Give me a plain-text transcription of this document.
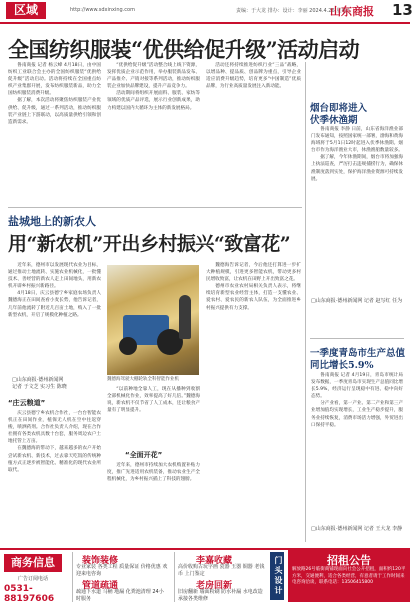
区域	http://www.sdxinxing.com	责编：于大龙 排办：设计：李丽 2024.4.26 星期五
山东商报 13
全国纺织服装“优供给促升级”活动启动

鲁南商报 记者 杨云峰 4月18日，由中国纺织工业联合会主办的全国纺织服装“优供给促升级”活动启动。活动将持续在全国重点纺织产业集群开展，发布纺织服装新品，助力全国纺织服装消费升级。

据了解，本次活动将聚焦纺织服装产业优供给、促升级，通过一系列活动，推动纺织服装产业链上下游联动，以高质量供给引领和创造新需求。

“优供给促升级”活动整合线上线下资源，发挥优质企业示范作用，举办服装新品发布、产品推介、产销对接等系列活动，推动纺织服装企业加快品牌建设，提升产品竞争力。

活动期间将组织开展面料、服装、家纺等领域的优质产品评选，展示行业创新成果，助力构建以国内大循环为主体的新发展格局。

活动还将持续推进纺织行业“三品”战略，以增品种、提品质、创品牌为重点，引导企业适应消费升级趋势，培育更多“中国制造”优质品牌，为行业高质量发展注入新动能。

盐城地上的新农人
用“新农机”开出乡村振兴“致富花”

近年来，德州市以发展现代农业为目标，通过推动土地流转、实施农业机械化，一批懂技术、善经营的新农人走上田间地头，用新农机开辟乡村振兴新路径。

4月18日，庆云县德宁乡家庭农场负责人魏德海正在田间查看小麦长势，他告诉记者，几年前他流转了附近几百亩土地，购入了一批新型农机，开启了规模化种植之路。

□山东商报·德州新闻网
记者 于文芝 实习生 陈晓
“庄云粮道”

庆云县德宁乡农机合作社，一台台智能农机正在田间作业，植保无人机在空中往返穿梭，喷洒药剂。合作社负责人介绍，现在合作社拥有各类农机具数十台套，服务周边农户土地托管上万亩。

在魏德海的带动下，越来越多的农户开始尝试新农机、新技术，过去靠天吃饭的传统种植方式正逐步被智能化、精准化的现代农业所取代。

魏德海驾驶大棚轮轨全科智能作业机

“以前种地全靠人工，现在从播种到收割全部机械化作业，效率提高了好几倍。”魏德海说，新农机不仅节省了人工成本，还让粮食产量有了明显提升。

“全面开花”

近年来，德州市持续加大农机购置补贴力度，推广先进适用农机装备，推动农业生产全程机械化，为乡村振兴插上了科技的翅膀。

魏德海告诉记者，今后他还打算进一步扩大种植规模，引进更多智能农机，带动更多村民增收致富，让农机在田野上开出致富之花。

德州市农业农村局相关负责人表示，将继续培育新型农业经营主体，打造一支懂农业、爱农村、爱农民的新农人队伍，为全面推进乡村振兴提供有力支撑。

烟台即将进入
伏季休渔期

鲁南商报 李静 日前，山东省海洋渔业部门发布通知，按照国家统一部署，渤海和黄海海域将于5月1日12时起进入伏季休渔期。烟台市作为海洋渔业大市，休渔渔船数量较多。

据了解，今年休渔期间，烟台市将加强海上执法巡查，严厉打击违规捕捞行为，确保休渔制度落到实处，保护海洋渔业资源可持续发展。

□山东商报·德州新闻网 记者 赵写红 任为
一季度青岛市生产总值
同比增长5.9%

鲁南商报 记者 4月19日，青岛市统计局发布数据，一季度青岛市实现生产总值同比增长5.9%，经济运行呈现稳中有进、稳中向好态势。

分产业看，第一产业、第二产业和第三产业增加值均实现增长，工业生产稳步提升，服务业持续恢复，消费市场活力增强，外贸进出口保持平稳。

□山东商报·德州新闻网 记者 王大龙 李静
商务信息
广告订阅电话
0531-88197606
装饰装修
专业家装 各类工程 质量保证 价格优惠 欢迎来电咨询
管道疏通
疏通下水道 马桶 地漏 化粪池清理 24小时服务
李嘉收藏
高价收购古玩字画 瓷器 玉器 铜器 老钱币 上门鉴定
老房回新
旧房翻新 墙面粉刷 防水补漏 水电改造 承接各类维修
门头设计	招租公告
解放路26号临街商铺现面向社会公开招租，面积约120平方米，交通便利，适合各类经营，有意者请于工作时间来电咨询洽谈，联系电话：13506415800
